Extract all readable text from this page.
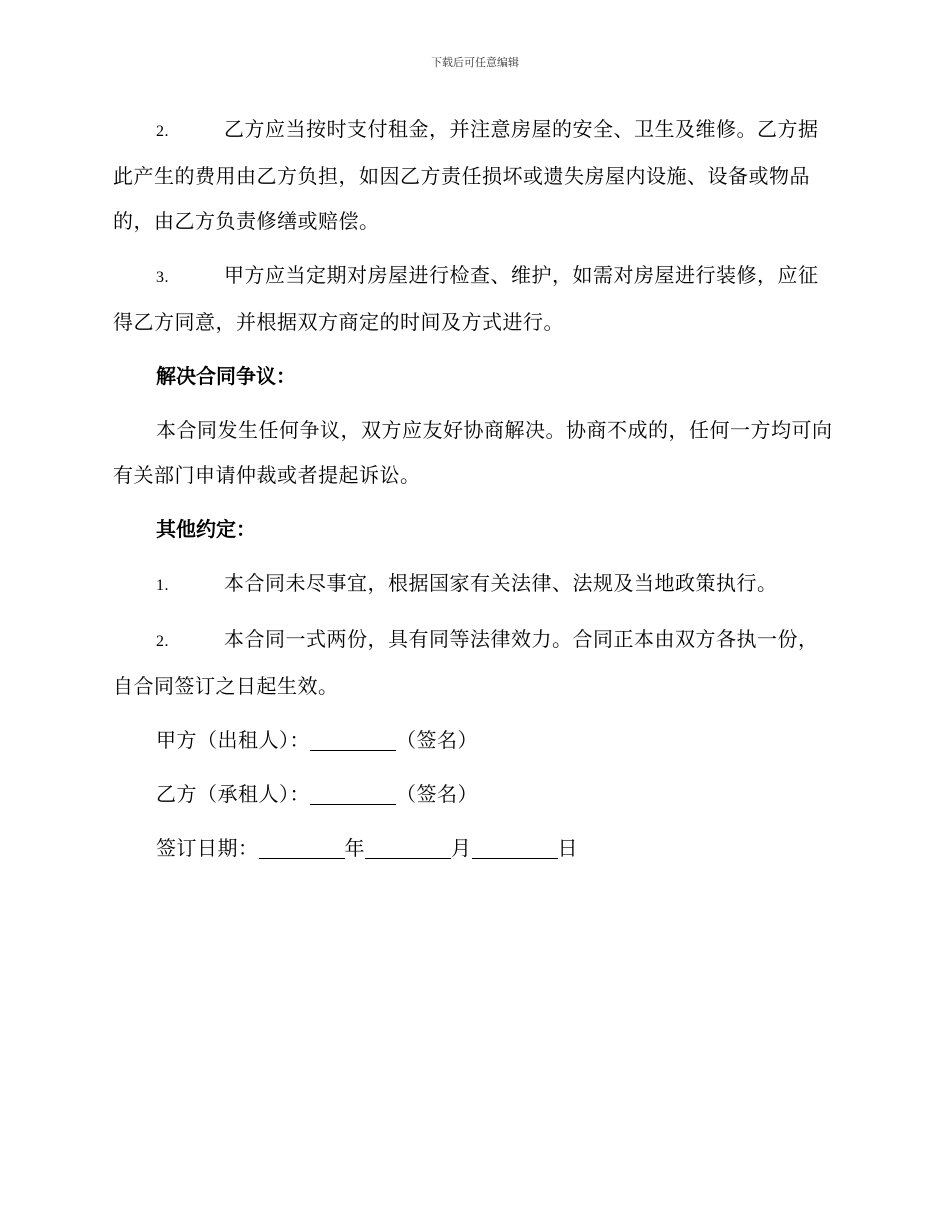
下载后可任意编辑

2.	乙方应当按时支付租金，并注意房屋的安全、卫生及维修。乙方据此产生的费用由乙方负担，如因乙方责任损坏或遗失房屋内设施、设备或物品的，由乙方负责修缮或赔偿。

3.	甲方应当定期对房屋进行检查、维护，如需对房屋进行装修，应征得乙方同意，并根据双方商定的时间及方式进行。

解决合同争议：

本合同发生任何争议，双方应友好协商解决。协商不成的，任何一方均可向有关部门申请仲裁或者提起诉讼。

其他约定：

1.	本合同未尽事宜，根据国家有关法律、法规及当地政策执行。

2.	本合同一式两份，具有同等法律效力。合同正本由双方各执一份，自合同签订之日起生效。

甲方（出租人）：	（签名）
乙方（承租人）：	（签名）
签订日期：	年	月	日
